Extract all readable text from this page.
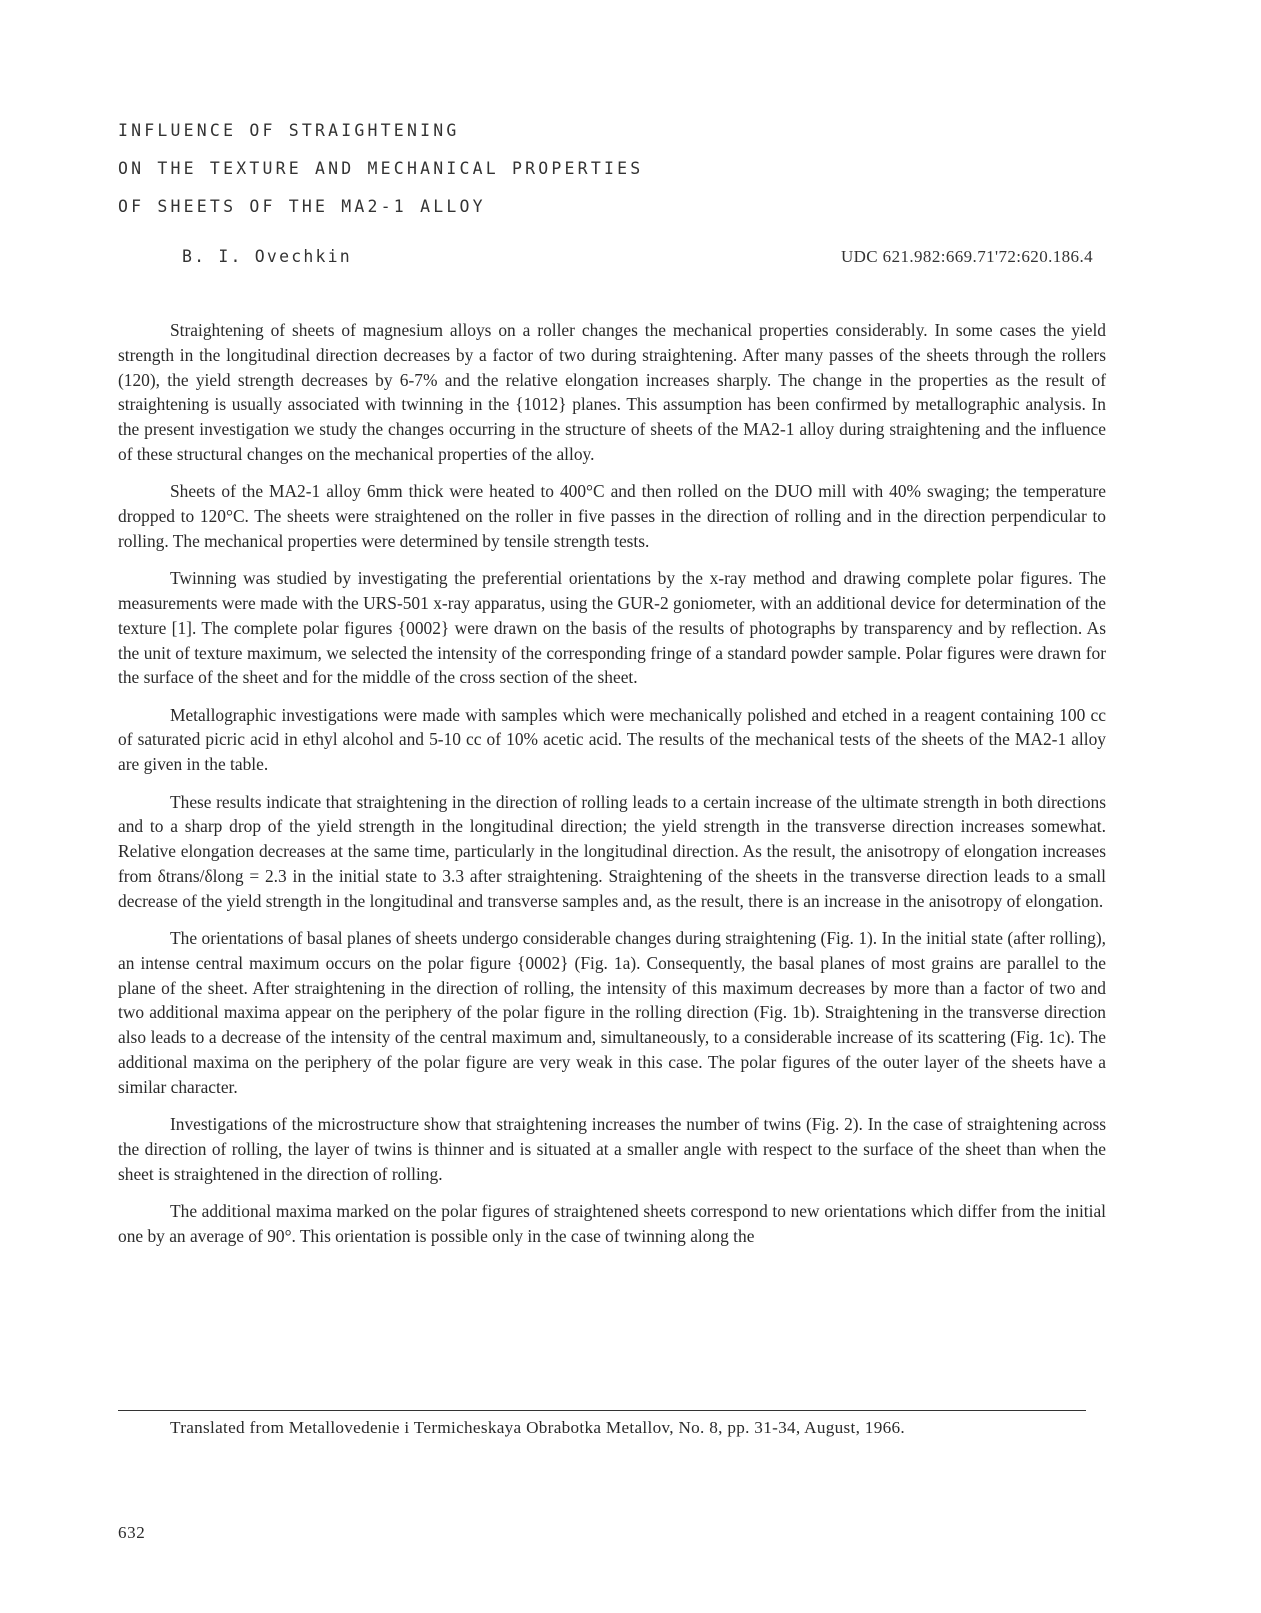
INFLUENCE OF STRAIGHTENING
ON THE TEXTURE AND MECHANICAL PROPERTIES
OF SHEETS OF THE MA2-1 ALLOY
B. I. Ovechkin	UDC 621.982:669.71'72:620.186.4

Straightening of sheets of magnesium alloys on a roller changes the mechanical properties considerably. In some cases the yield strength in the longitudinal direction decreases by a factor of two during straightening. After many passes of the sheets through the rollers (120), the yield strength decreases by 6-7% and the relative elongation increases sharply. The change in the properties as the result of straightening is usually associated with twinning in the {1012} planes. This assumption has been confirmed by metallographic analysis. In the present investigation we study the changes occurring in the structure of sheets of the MA2-1 alloy during straightening and the influence of these structural changes on the mechanical properties of the alloy.

Sheets of the MA2-1 alloy 6mm thick were heated to 400°C and then rolled on the DUO mill with 40% swaging; the temperature dropped to 120°C. The sheets were straightened on the roller in five passes in the direction of rolling and in the direction perpendicular to rolling. The mechanical properties were determined by tensile strength tests.

Twinning was studied by investigating the preferential orientations by the x-ray method and drawing complete polar figures. The measurements were made with the URS-501 x-ray apparatus, using the GUR-2 goniometer, with an additional device for determination of the texture [1]. The complete polar figures {0002} were drawn on the basis of the results of photographs by transparency and by reflection. As the unit of texture maximum, we selected the intensity of the corresponding fringe of a standard powder sample. Polar figures were drawn for the surface of the sheet and for the middle of the cross section of the sheet.

Metallographic investigations were made with samples which were mechanically polished and etched in a reagent containing 100 cc of saturated picric acid in ethyl alcohol and 5-10 cc of 10% acetic acid. The results of the mechanical tests of the sheets of the MA2-1 alloy are given in the table.

These results indicate that straightening in the direction of rolling leads to a certain increase of the ultimate strength in both directions and to a sharp drop of the yield strength in the longitudinal direction; the yield strength in the transverse direction increases somewhat. Relative elongation decreases at the same time, particularly in the longitudinal direction. As the result, the anisotropy of elongation increases from δtrans/δlong = 2.3 in the initial state to 3.3 after straightening. Straightening of the sheets in the transverse direction leads to a small decrease of the yield strength in the longitudinal and transverse samples and, as the result, there is an increase in the anisotropy of elongation.

The orientations of basal planes of sheets undergo considerable changes during straightening (Fig. 1). In the initial state (after rolling), an intense central maximum occurs on the polar figure {0002} (Fig. 1a). Consequently, the basal planes of most grains are parallel to the plane of the sheet. After straightening in the direction of rolling, the intensity of this maximum decreases by more than a factor of two and two additional maxima appear on the periphery of the polar figure in the rolling direction (Fig. 1b). Straightening in the transverse direction also leads to a decrease of the intensity of the central maximum and, simultaneously, to a considerable increase of its scattering (Fig. 1c). The additional maxima on the periphery of the polar figure are very weak in this case. The polar figures of the outer layer of the sheets have a similar character.

Investigations of the microstructure show that straightening increases the number of twins (Fig. 2). In the case of straightening across the direction of rolling, the layer of twins is thinner and is situated at a smaller angle with respect to the surface of the sheet than when the sheet is straightened in the direction of rolling.

The additional maxima marked on the polar figures of straightened sheets correspond to new orientations which differ from the initial one by an average of 90°. This orientation is possible only in the case of twinning along the

Translated from Metallovedenie i Termicheskaya Obrabotka Metallov, No. 8, pp. 31-34, August, 1966.
632
